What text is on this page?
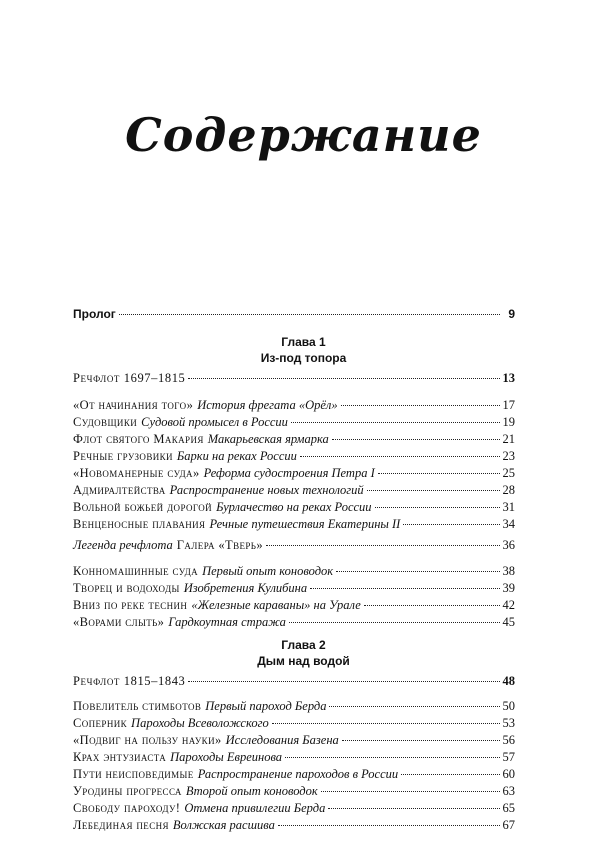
Содержание
Пролог	9
Глава 1
Из-под топора
Речфлот 1697–1815	13
«От начинания того» История фрегата «Орёл»	17
Судовщики Судовой промысел в России	19
Флот святого Макария Макарьевская ярмарка	21
Речные грузовики Барки на реках России	23
«Новоманерные суда» Реформа судостроения Петра I	25
Адмиралтейства Распространение новых технологий	28
Вольной божьей дорогой Бурлачество на реках России	31
Венценосные плавания Речные путешествия Екатерины II	34
Легенда речфлота Галера «Тверь»	36
Конномашинные суда Первый опыт коноводок	38
Творец и водоходы Изобретения Кулибина	39
Вниз по реке теснин «Железные караваны» на Урале	42
«Ворами слыть» Гардкоутная стража	45
Глава 2
Дым над водой
Речфлот 1815–1843	48
Повелитель стимботов Первый пароход Берда	50
Соперник Пароходы Всеволожского	53
«Подвиг на пользу науки» Исследования Базена	56
Крах энтузиаста Пароходы Евреинова	57
Пути неисповедимые Распространение пароходов в России	60
Уродины прогресса Второй опыт коноводок	63
Свободу пароходу! Отмена привилегии Берда	65
Лебединая песня Волжская расшива	67
